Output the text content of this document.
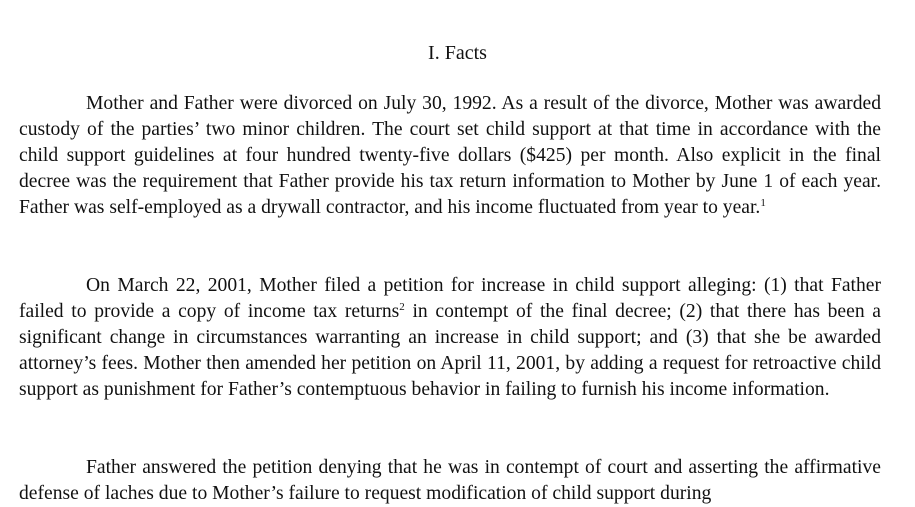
I. Facts

Mother and Father were divorced on July 30, 1992. As a result of the divorce, Mother was awarded custody of the parties’ two minor children. The court set child support at that time in accordance with the child support guidelines at four hundred twenty-five dollars ($425) per month. Also explicit in the final decree was the requirement that Father provide his tax return information to Mother by June 1 of each year. Father was self-employed as a drywall contractor, and his income fluctuated from year to year.$^1$

On March 22, 2001, Mother filed a petition for increase in child support alleging: (1) that Father failed to provide a copy of income tax returns$^2$ in contempt of the final decree; (2) that there has been a significant change in circumstances warranting an increase in child support; and (3) that she be awarded attorney’s fees. Mother then amended her petition on April 11, 2001, by adding a request for retroactive child support as punishment for Father’s contemptuous behavior in failing to furnish his income information.

Father answered the petition denying that he was in contempt of court and asserting the affirmative defense of laches due to Mother’s failure to request modification of child support during
